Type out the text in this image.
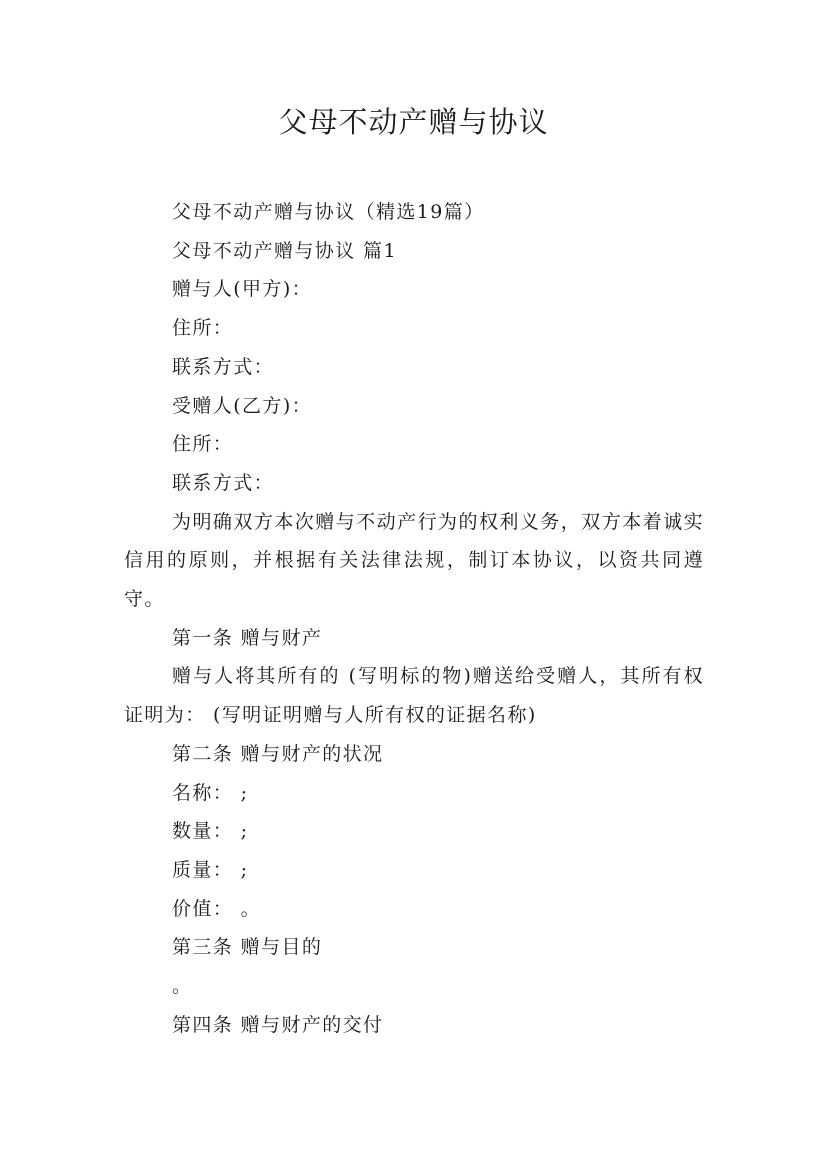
父母不动产赠与协议

父母不动产赠与协议（精选19篇）

父母不动产赠与协议 篇1

赠与人(甲方)：

住所：

联系方式：

受赠人(乙方)：

住所：

联系方式：

为明确双方本次赠与不动产行为的权利义务，双方本着诚实信用的原则，并根据有关法律法规，制订本协议，以资共同遵守。

第一条 赠与财产

赠与人将其所有的 (写明标的物)赠送给受赠人，其所有权证明为： (写明证明赠与人所有权的证据名称)

第二条 赠与财产的状况

名称： ;

数量： ;

质量： ;

价值： 。

第三条 赠与目的

。

第四条 赠与财产的交付
